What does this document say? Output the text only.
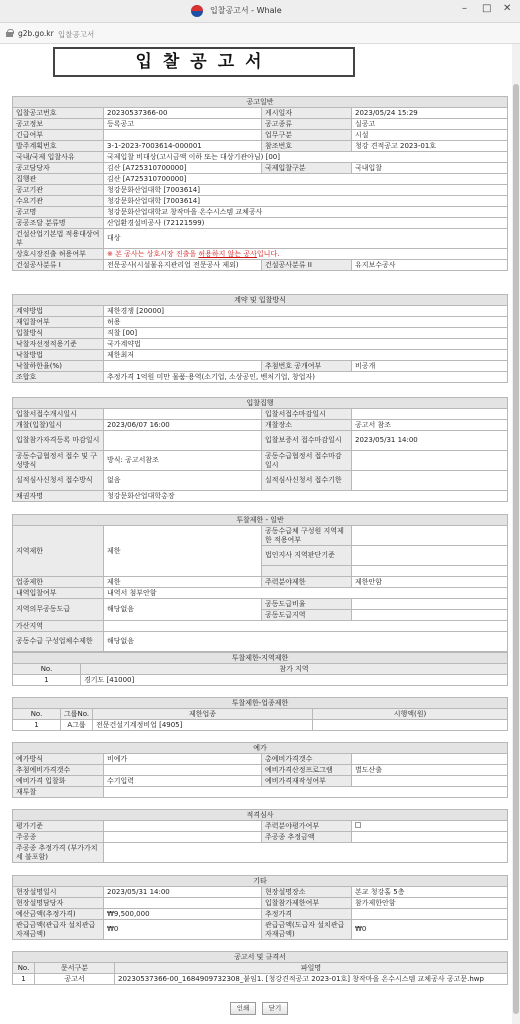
입찰공고서 - Whale	– □ ✕
g2b.go.kr 입찰공고서
입찰공고서
공고일반			
입찰공고번호	20230537366-00	게시일자	2023/05/24 15:29
공고정보	등록공고	공고종류	실공고
긴급여부		업무구분	시설
발주계획번호	3-1-2023-7003614-000001	참조번호	청강 견적공고 2023-01호
국내/국제 입찰사유	국제입찰 비대상(고시금액 이하 또는 대상기관아님) [00]		
공고담당자	김산 [A725310700000]	국제입찰구분	국내입찰
집행관	김산 [A725310700000]		
공고기관	청강문화산업대학 [7003614]		
수요기관	청강문화산업대학 [7003614]		
공고명	청강문화산업대학교 창작마을 온수시스템 교체공사		
공공조달 분류명	산업환경설비공사 (72121599)		
건설산업기본법 적용대상여부	대상		
상호시장진출 허용여부	※ 본 공사는 상호시장 진출을 허용하지 않는 공사입니다.		
건설공사분류 I	전문공사(시설물유지관리업 전문공사 제외)	건설공사분류 II	유지보수공사
계약 및 입찰방식			
계약방법	제한경쟁 [20000]		
재입찰여부	허용		
입찰방식	직찰 [00]		
낙찰자선정적용기준	국가계약법		
낙찰방법	제한최저		
낙찰하한율(%)		추첨번호 공개여부	비공개
조합호	추정가격 1억원 미만 물품·용역(소기업, 소상공인, 벤처기업, 창업자)		
입찰집행			
입찰서접수개시일시		입찰서접수마감일시	
개찰(입찰)일시	2023/06/07 16:00	개찰장소	공고서 참조
입찰참가자격등록 마감일시		입찰보증서 접수마감일시	2023/05/31 14:00
공동수급협정서 접수 및 구성방식	방식: 공고서참조	공동수급협정서 접수마감일시	
실적심사신청서 접수방식	없음	실적심사신청서 접수기한	
채권자명	청강문화산업대학총장		
투찰제한 - 일반			
지역제한	제한	공동수급체 구성원 지역제한 적용여부	
		법인지사 지역판단기준	

업종제한	제한	주력분야제한	제한안함
내역입찰여부	내역서 첨부안함		
지역의무공동도급	해당없음	공동도급비율	
		공동도급지역	
가산지역			
공동수급 구성업체수제한	해당없음		
투찰제한-지역제한	
No.	참가 지역
1	경기도 [41000]
투찰제한-업종제한			
No.	그룹No.	제한업종	시행액(원)
1	A그룹	전문건설기계정비업 [4905]	
예가			
예가방식	비예가	총예비가격갯수	
추첨예비가격갯수		예비가격산정프로그램	별도산출
예비가격 입찰화	수기입력	예비가격재작성여부	
재투찰			
적격심사			
평가기준		주력분야평가여부	
주공종		주공종 추정금액	
주공종 추정가격 (부가가치세 불포함)			
기타			
현장설명일시	2023/05/31 14:00	현장설명장소	본교 청강홀 5층
현장설명담당자		입찰참가제한여부	참가제한안함
예산금액(추정가격)	₩9,500,000	추정가격	
관급금액(관급자 설치관급자재금액)	₩0	관급금액(도급자 설치관급자재금액)	₩0
공고서 및 규격서		
No.	문서구분	파일명
1	공고서	20230537366-00_1684909732308_붙임1. [청강견적공고 2023-01호] 창작마을 온수시스템 교체공사 공고문.hwp
인쇄	닫기
